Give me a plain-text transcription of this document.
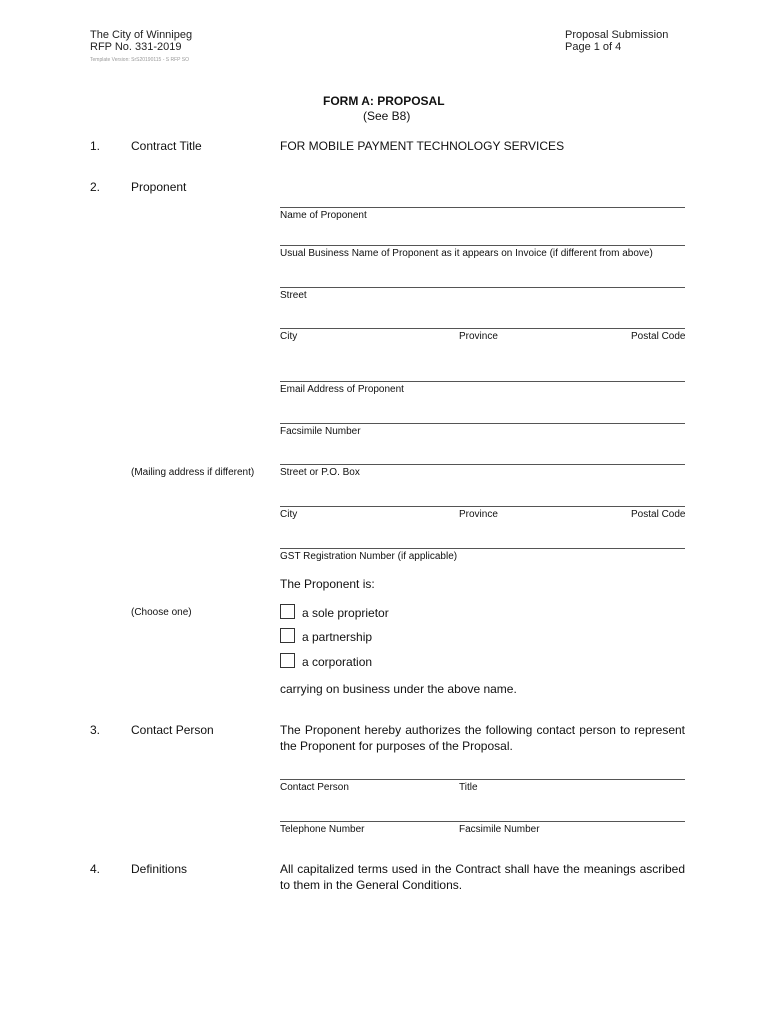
The City of Winnipeg
RFP No. 331-2019
Template Version: SrS20190115 - S RFP SO
Proposal Submission
Page 1 of 4
FORM A: PROPOSAL
(See B8)
1.	Contract Title	FOR MOBILE PAYMENT TECHNOLOGY SERVICES
2.	Proponent
Name of Proponent
Usual Business Name of Proponent as it appears on Invoice (if different from above)
Street
City	Province	Postal Code
Email Address of Proponent
Facsimile Number
(Mailing address if different)	Street or P.O. Box
City	Province	Postal Code
GST Registration Number (if applicable)
The Proponent is:
(Choose one)	a sole proprietor
a partnership
a corporation
carrying on business under the above name.
3.	Contact Person	The Proponent hereby authorizes the following contact person to represent the Proponent for purposes of the Proposal.
Contact Person	Title
Telephone Number	Facsimile Number
4.	Definitions	All capitalized terms used in the Contract shall have the meanings ascribed to them in the General Conditions.
